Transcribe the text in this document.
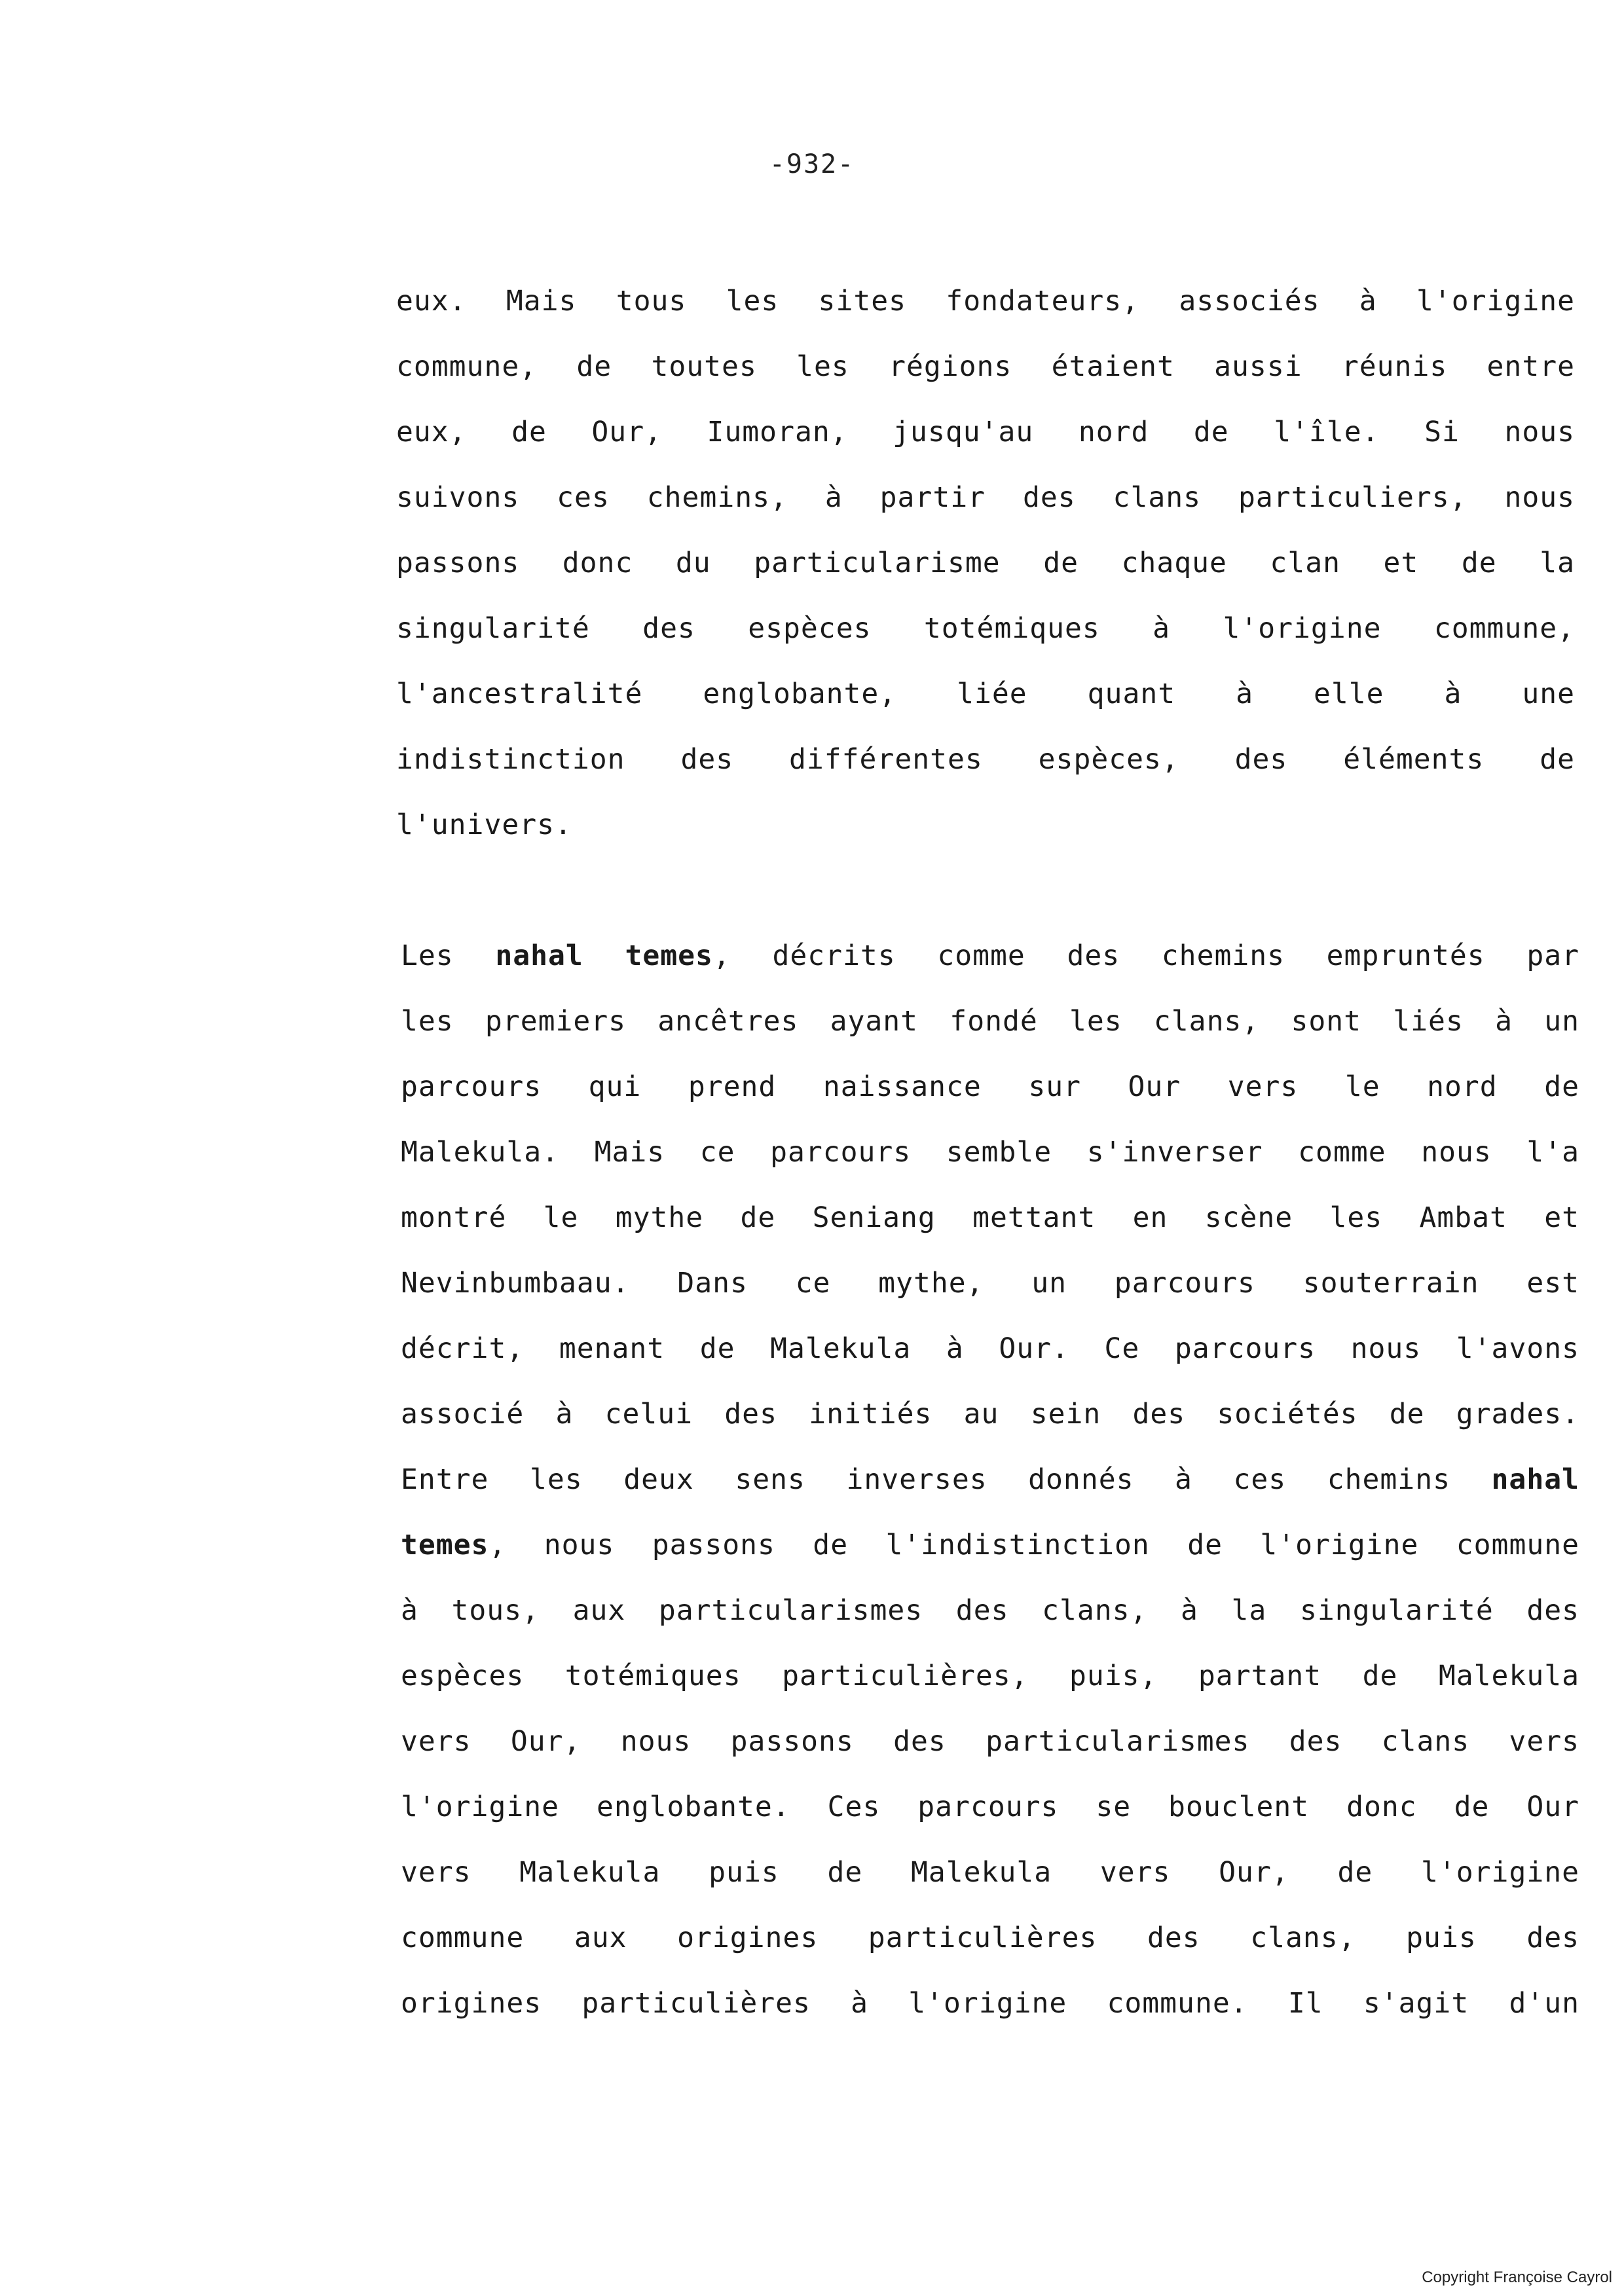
-932-
eux. Mais tous les sites fondateurs, associés à l'origine
commune, de toutes les régions étaient aussi réunis entre
eux, de Our, Iumoran, jusqu'au nord de l'île. Si nous
suivons ces chemins, à partir des clans particuliers, nous
passons donc du particularisme de chaque clan et de la
singularité des espèces totémiques à l'origine commune,
l'ancestralité englobante, liée quant à elle à une
indistinction des différentes espèces, des éléments de
l'univers.
Les nahal temes, décrits comme des chemins empruntés par
les premiers ancêtres ayant fondé les clans, sont liés à un
parcours qui prend naissance sur Our vers le nord de
Malekula. Mais ce parcours semble s'inverser comme nous l'a
montré le mythe de Seniang mettant en scène les Ambat et
Nevinbumbaau. Dans ce mythe, un parcours souterrain est
décrit, menant de Malekula à Our. Ce parcours nous l'avons
associé à celui des initiés au sein des sociétés de grades.
Entre les deux sens inverses donnés à ces chemins nahal
temes, nous passons de l'indistinction de l'origine commune
à tous, aux particularismes des clans, à la singularité des
espèces totémiques particulières, puis, partant de Malekula
vers Our, nous passons des particularismes des clans vers
l'origine englobante. Ces parcours se bouclent donc de Our
vers Malekula puis de Malekula vers Our, de l'origine
commune aux origines particulières des clans, puis des
origines particulières à l'origine commune. Il s'agit d'un
Copyright Françoise Cayrol
